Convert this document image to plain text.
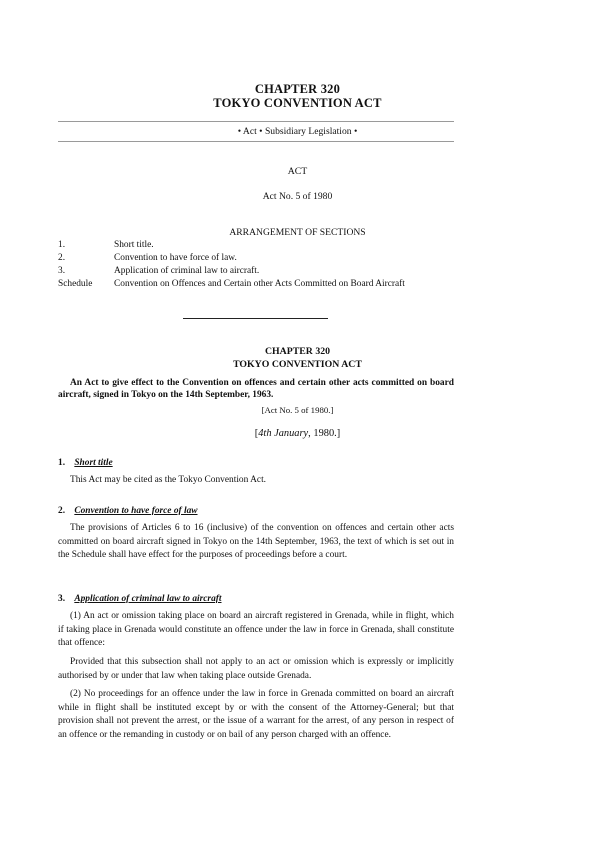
CHAPTER 320
TOKYO CONVENTION ACT
• Act • Subsidiary Legislation •
ACT
Act No. 5 of 1980
ARRANGEMENT OF SECTIONS
1.	Short title.
2.	Convention to have force of law.
3.	Application of criminal law to aircraft.
Schedule Convention on Offences and Certain other Acts Committed on Board Aircraft
CHAPTER 320
TOKYO CONVENTION ACT
An Act to give effect to the Convention on offences and certain other acts committed on board aircraft, signed in Tokyo on the 14th September, 1963.
[Act No. 5 of 1980.]
[4th January, 1980.]
1. Short title
This Act may be cited as the Tokyo Convention Act.
2. Convention to have force of law
The provisions of Articles 6 to 16 (inclusive) of the convention on offences and certain other acts committed on board aircraft signed in Tokyo on the 14th September, 1963, the text of which is set out in the Schedule shall have effect for the purposes of proceedings before a court.
3. Application of criminal law to aircraft
(1) An act or omission taking place on board an aircraft registered in Grenada, while in flight, which if taking place in Grenada would constitute an offence under the law in force in Grenada, shall constitute that offence:
Provided that this subsection shall not apply to an act or omission which is expressly or implicitly authorised by or under that law when taking place outside Grenada.
(2) No proceedings for an offence under the law in force in Grenada committed on board an aircraft while in flight shall be instituted except by or with the consent of the Attorney-General; but that provision shall not prevent the arrest, or the issue of a warrant for the arrest, of any person in respect of an offence or the remanding in custody or on bail of any person charged with an offence.
